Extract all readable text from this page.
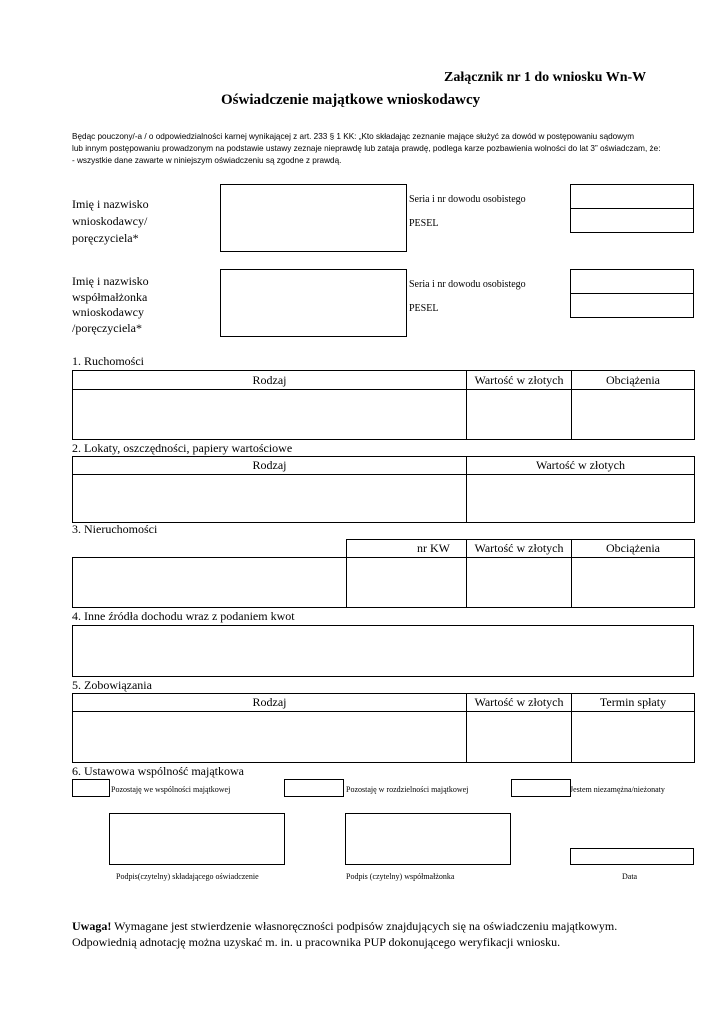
Załącznik nr 1 do wniosku Wn-W
Oświadczenie majątkowe wnioskodawcy
Będąc pouczony/-a / o odpowiedzialności karnej wynikającej z art. 233 § 1 KK: „Kto składając zeznanie mające służyć za dowód w postępowaniu sądowym
lub innym postępowaniu prowadzonym na podstawie ustawy zeznaje nieprawdę lub zataja prawdę, podlega karze pozbawienia wolności do lat 3” oświadczam, że:
- wszystkie dane zawarte w niniejszym oświadczeniu są zgodne z prawdą.
Imię i nazwisko
wnioskodawcy/
poręczyciela*
Seria i nr dowodu osobistego
PESEL
Imię i nazwisko
współmałżonka
wnioskodawcy
/poręczyciela*
Seria i nr dowodu osobistego
PESEL
1. Ruchomości
Rodzaj	Wartość w złotych	Obciążenia

2. Lokaty, oszczędności, papiery wartościowe
Rodzaj	Wartość w złotych

3. Nieruchomości
	nr KW	Wartość w złotych	Obciążenia

4. Inne źródła dochodu wraz z podaniem kwot
5. Zobowiązania
Rodzaj	Wartość w złotych	Termin spłaty

6. Ustawowa wspólność majątkowa
Pozostaję we wspólności majątkowej	Pozostaję w rozdzielności majątkowej	Jestem niezamężna/nieżonaty
Podpis(czytelny) składającego oświadczenie	Podpis (czytelny) współmałżonka	Data
Uwaga! Wymagane jest stwierdzenie własnoręczności podpisów znajdujących się na oświadczeniu majątkowym.
Odpowiednią adnotację można uzyskać m. in. u pracownika PUP dokonującego weryfikacji wniosku.
